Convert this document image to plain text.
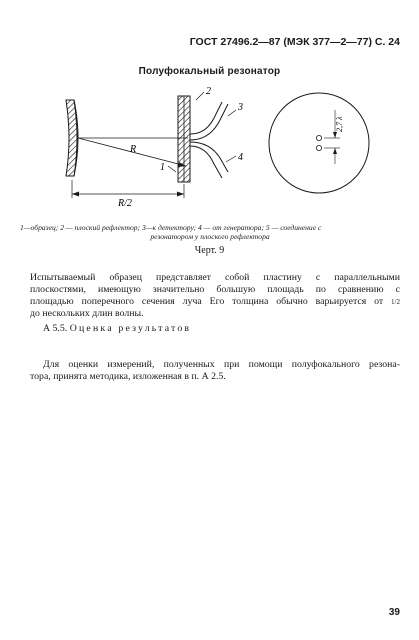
ГОСТ 27496.2—87 (МЭК 377—2—77) С. 24
Полуфокальный резонатор
R
R/2
1
2
3
4
2,7 λ
1—образец; 2 — плоский рефлектор; 3—к детектору; 4 — от генератора; 5 — соединение с
резонатором у плоского рефлектора
Черт. 9
Испытываемый образец представляет собой пластину с параллельными
плоскостями, имеющую значительно большую площадь по сравнению с
площадью поперечного сечения луча Его толщина обычно варьируется от 1/2
до нескольких длин волны.
А 5.5. Оценка результатов
Для оценки измерений, полученных при помощи полуфокального резона-
тора, принята методика, изложенная в п. А 2.5.
39
